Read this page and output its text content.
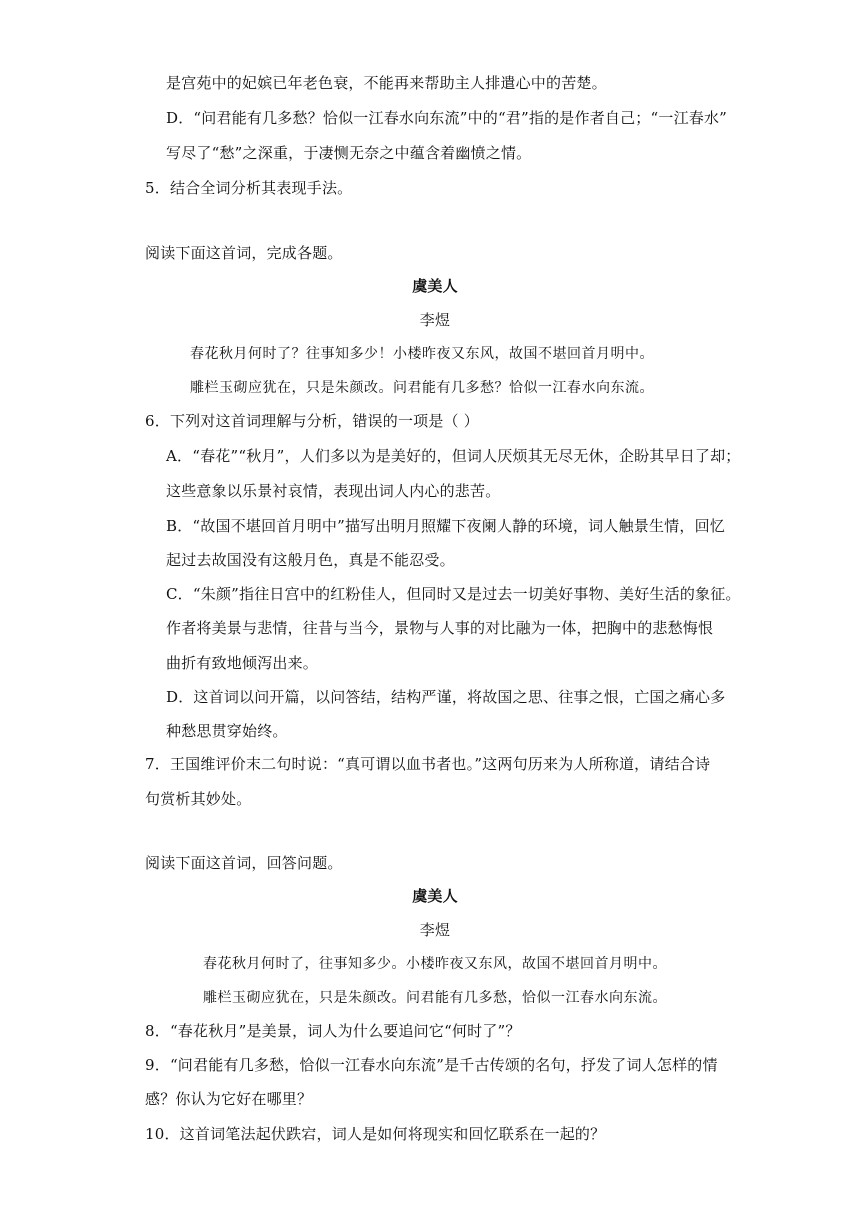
是宫苑中的妃嫔已年老色衰，不能再来帮助主人排遣心中的苦楚。
D．“问君能有几多愁？恰似一江春水向东流”中的“君”指的是作者自己；“一江春水”
写尽了“愁”之深重，于凄恻无奈之中蕴含着幽愤之情。
5．结合全词分析其表现手法。
阅读下面这首词，完成各题。
虞美人
李煜
春花秋月何时了？往事知多少！小楼昨夜又东风，故国不堪回首月明中。
雕栏玉砌应犹在，只是朱颜改。问君能有几多愁？恰似一江春水向东流。
6．下列对这首词理解与分析，错误的一项是（ ）
A．“春花”“秋月”，人们多以为是美好的，但词人厌烦其无尽无休，企盼其早日了却；
这些意象以乐景衬哀情，表现出词人内心的悲苦。
B．“故国不堪回首月明中”描写出明月照耀下夜阑人静的环境，词人触景生情，回忆
起过去故国没有这般月色，真是不能忍受。
C．“朱颜”指往日宫中的红粉佳人，但同时又是过去一切美好事物、美好生活的象征。
作者将美景与悲情，往昔与当今，景物与人事的对比融为一体，把胸中的悲愁悔恨
曲折有致地倾泻出来。
D．这首词以问开篇，以问答结，结构严谨，将故国之思、往事之恨，亡国之痛心多
种愁思贯穿始终。
7．王国维评价末二句时说：“真可谓以血书者也。”这两句历来为人所称道，请结合诗
句赏析其妙处。
阅读下面这首词，回答问题。
虞美人
李煜
春花秋月何时了，往事知多少。小楼昨夜又东风，故国不堪回首月明中。
雕栏玉砌应犹在，只是朱颜改。问君能有几多愁，恰似一江春水向东流。
8．“春花秋月”是美景，词人为什么要追问它“何时了”？
9．“问君能有几多愁，恰似一江春水向东流”是千古传颂的名句，抒发了词人怎样的情
感？你认为它好在哪里？
10．这首词笔法起伏跌宕，词人是如何将现实和回忆联系在一起的？
